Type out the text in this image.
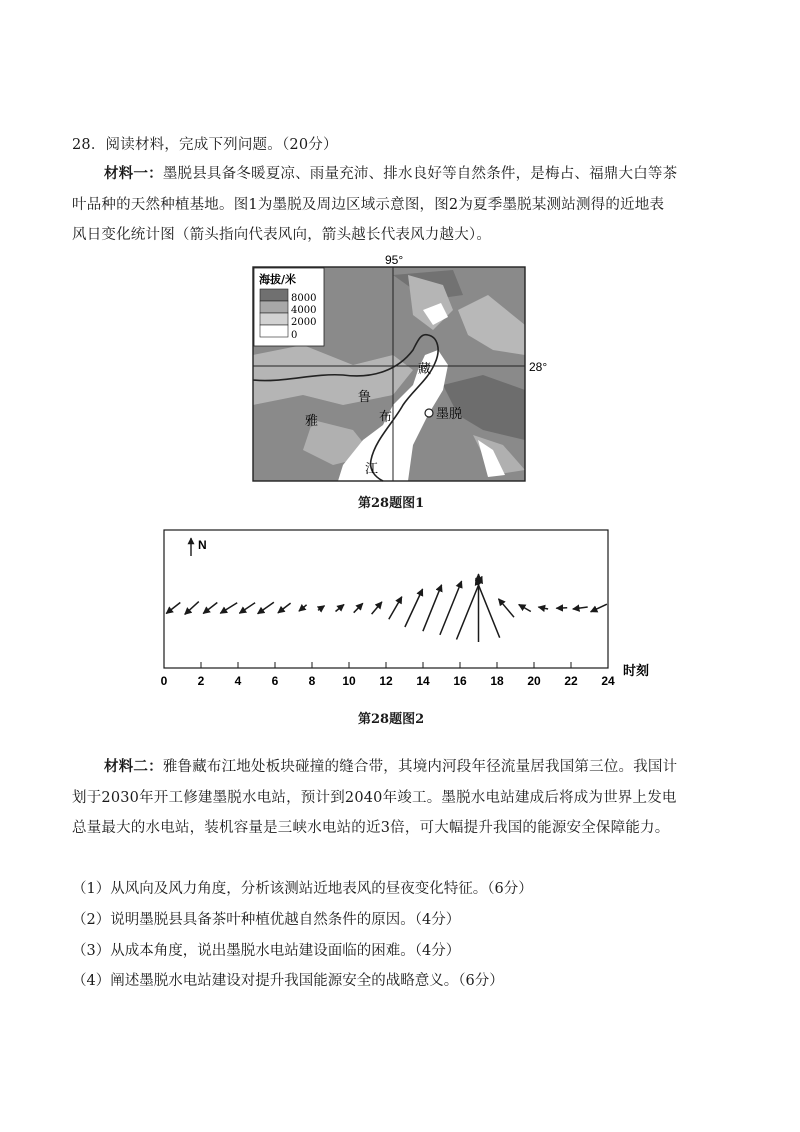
28．阅读材料，完成下列问题。（20分）
材料一：墨脱县具备冬暖夏凉、雨量充沛、排水良好等自然条件，是梅占、福鼎大白等茶
叶品种的天然种植基地。图1为墨脱及周边区域示意图，图2为夏季墨脱某测站测得的近地表
风日变化统计图（箭头指向代表风向，箭头越长代表风力越大）。
95°
28°
海拔/米
8000
4000
2000
0
雅
鲁
藏
布
江
墨脱
第28题图1
N
0	2	4	6	8 10 12 14 16 18 20 22 24
时刻
第28题图2
材料二：雅鲁藏布江地处板块碰撞的缝合带，其境内河段年径流量居我国第三位。我国计
划于2030年开工修建墨脱水电站，预计到2040年竣工。墨脱水电站建成后将成为世界上发电
总量最大的水电站，装机容量是三峡水电站的近3倍，可大幅提升我国的能源安全保障能力。
（1）从风向及风力角度，分析该测站近地表风的昼夜变化特征。（6分）
（2）说明墨脱县具备茶叶种植优越自然条件的原因。（4分）
（3）从成本角度，说出墨脱水电站建设面临的困难。（4分）
（4）阐述墨脱水电站建设对提升我国能源安全的战略意义。（6分）
